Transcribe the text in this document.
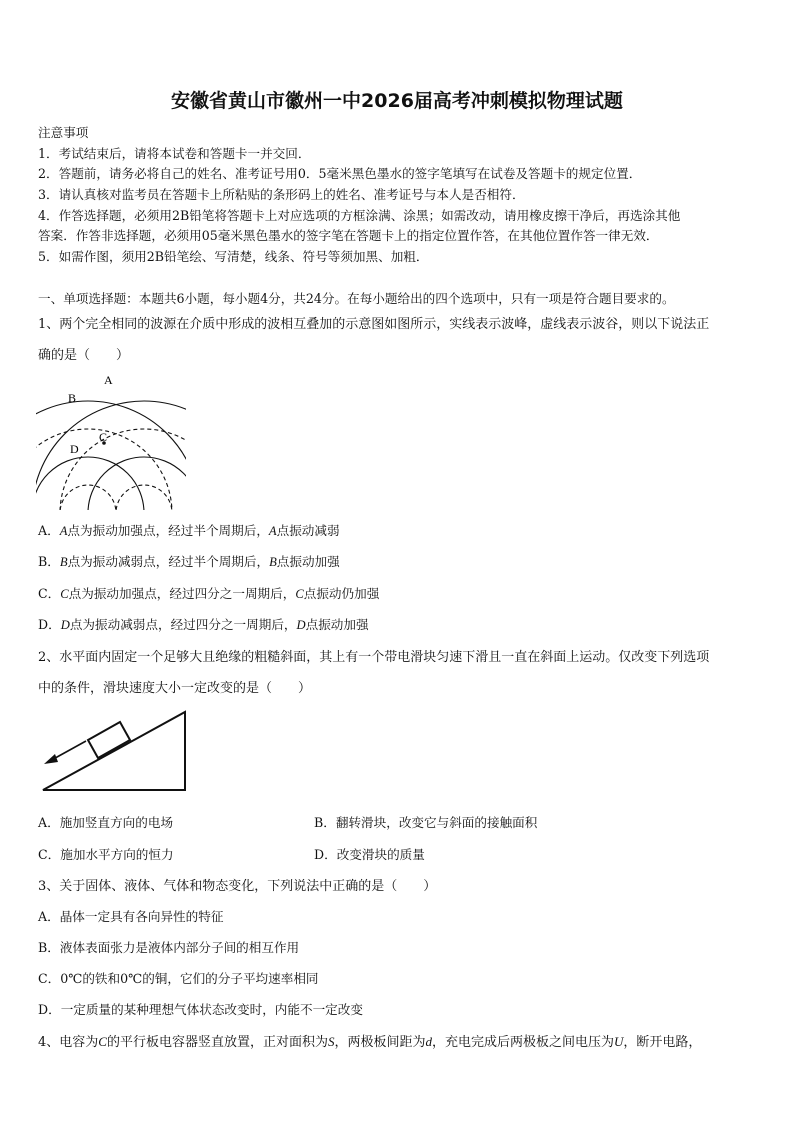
安徽省黄山市徽州一中2026届高考冲刺模拟物理试题
注意事项
1．考试结束后，请将本试卷和答题卡一并交回．
2．答题前，请务必将自己的姓名、准考证号用0．5毫米黑色墨水的签字笔填写在试卷及答题卡的规定位置．
3．请认真核对监考员在答题卡上所粘贴的条形码上的姓名、准考证号与本人是否相符．
4．作答选择题，必须用2B铅笔将答题卡上对应选项的方框涂满、涂黑；如需改动，请用橡皮擦干净后，再选涂其他
答案．作答非选择题，必须用05毫米黑色墨水的签字笔在答题卡上的指定位置作答，在其他位置作答一律无效．
5．如需作图，须用2B铅笔绘、写清楚，线条、符号等须加黑、加粗．
一、单项选择题：本题共6小题，每小题4分，共24分。在每小题给出的四个选项中，只有一项是符合题目要求的。
1、两个完全相同的波源在介质中形成的波相互叠加的示意图如图所示，实线表示波峰，虚线表示波谷，则以下说法正
确的是（　　）
A
B
C
D
A．A点为振动加强点，经过半个周期后，A点振动减弱
B．B点为振动减弱点，经过半个周期后，B点振动加强
C．C点为振动加强点，经过四分之一周期后，C点振动仍加强
D．D点为振动减弱点，经过四分之一周期后，D点振动加强
2、水平面内固定一个足够大且绝缘的粗糙斜面，其上有一个带电滑块匀速下滑且一直在斜面上运动。仅改变下列选项
中的条件，滑块速度大小一定改变的是（　　）
A．施加竖直方向的电场	B．翻转滑块，改变它与斜面的接触面积
C．施加水平方向的恒力	D．改变滑块的质量
3、关于固体、液体、气体和物态变化，下列说法中正确的是（　　）
A．晶体一定具有各向异性的特征
B．液体表面张力是液体内部分子间的相互作用
C．0℃的铁和0℃的铜，它们的分子平均速率相同
D．一定质量的某种理想气体状态改变时，内能不一定改变
4、电容为C的平行板电容器竖直放置，正对面积为S，两极板间距为d，充电完成后两极板之间电压为U，断开电路，
